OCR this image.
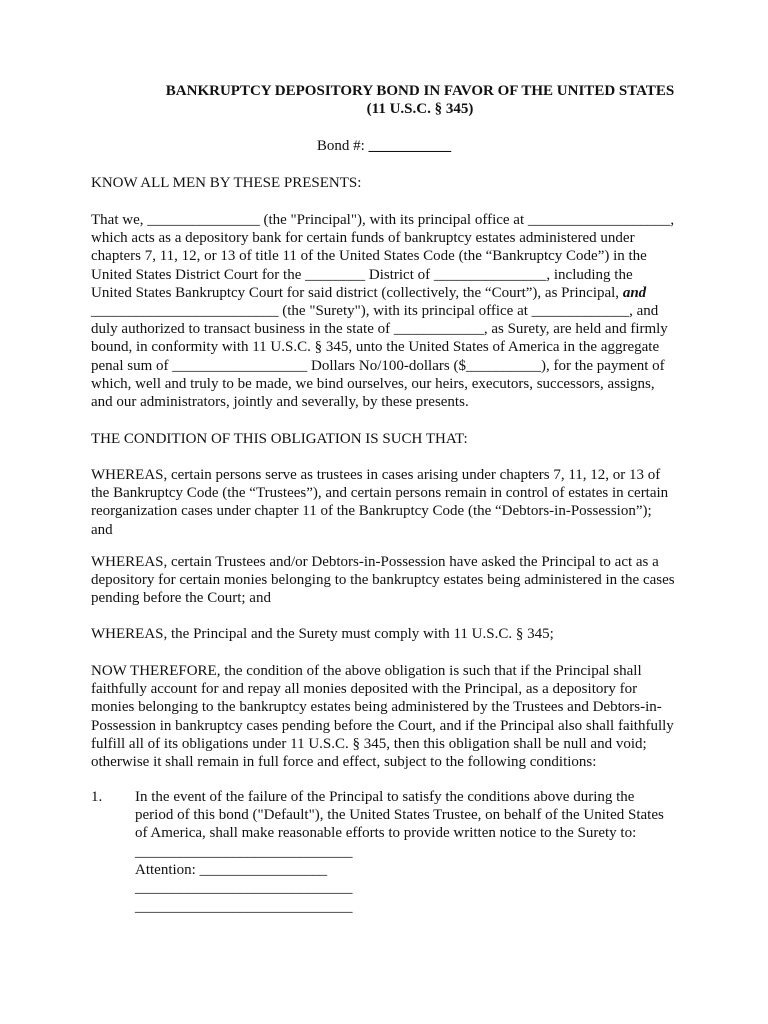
BANKRUPTCY DEPOSITORY BOND IN FAVOR OF THE UNITED STATES
(11 U.S.C. § 345)
Bond #: ___________
KNOW ALL MEN BY THESE PRESENTS:
That we, _______________ (the "Principal"), with its principal office at ___________________,
which acts as a depository bank for certain funds of bankruptcy estates administered under
chapters 7, 11, 12, or 13 of title 11 of the United States Code (the “Bankruptcy Code”) in the
United States District Court for the ________ District of _______________, including the
United States Bankruptcy Court for said district (collectively, the “Court”), as Principal, and
_________________________ (the "Surety"), with its principal office at _____________, and
duly authorized to transact business in the state of ____________, as Surety, are held and firmly
bound, in conformity with 11 U.S.C. § 345, unto the United States of America in the aggregate
penal sum of __________________ Dollars No/100-dollars ($__________), for the payment of
which, well and truly to be made, we bind ourselves, our heirs, executors, successors, assigns,
and our administrators, jointly and severally, by these presents.
THE CONDITION OF THIS OBLIGATION IS SUCH THAT:
WHEREAS, certain persons serve as trustees in cases arising under chapters 7, 11, 12, or 13 of
the Bankruptcy Code (the “Trustees”), and certain persons remain in control of estates in certain
reorganization cases under chapter 11 of the Bankruptcy Code (the “Debtors-in-Possession”);
and
WHEREAS, certain Trustees and/or Debtors-in-Possession have asked the Principal to act as a
depository for certain monies belonging to the bankruptcy estates being administered in the cases
pending before the Court; and
WHEREAS, the Principal and the Surety must comply with 11 U.S.C. § 345;
NOW THEREFORE, the condition of the above obligation is such that if the Principal shall
faithfully account for and repay all monies deposited with the Principal, as a depository for
monies belonging to the bankruptcy estates being administered by the Trustees and Debtors-in-
Possession in bankruptcy cases pending before the Court, and if the Principal also shall faithfully
fulfill all of its obligations under 11 U.S.C. § 345, then this obligation shall be null and void;
otherwise it shall remain in full force and effect, subject to the following conditions:
1. In the event of the failure of the Principal to satisfy the conditions above during the
period of this bond ("Default"), the United States Trustee, on behalf of the United States
of America, shall make reasonable efforts to provide written notice to the Surety to:
_____________________________
Attention: _________________
_____________________________
_____________________________
